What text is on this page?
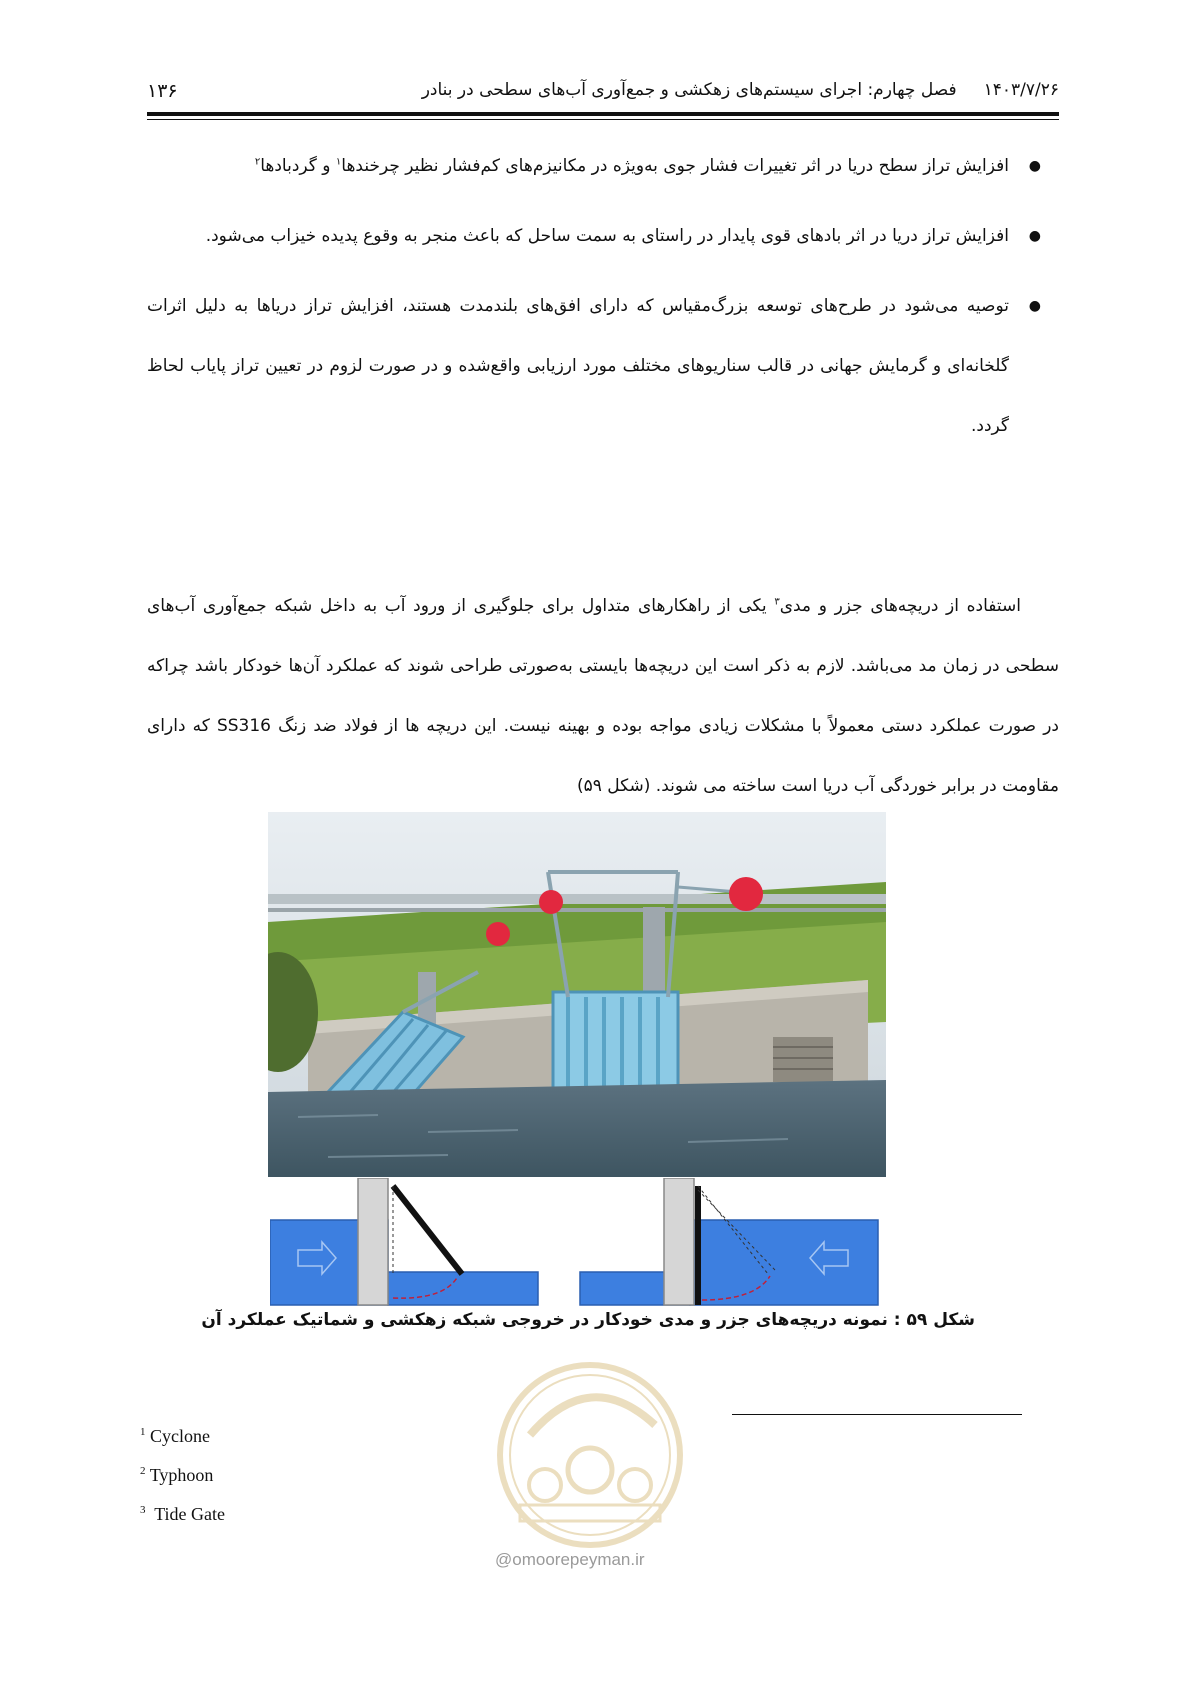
۱۳۶	۱۴۰۳/۷/۲۶     فصل چهارم: اجرای سیستم‌های زهکشی و جمع‌آوری آب‌های سطحی در بنادر
●
افزایش تراز سطح دریا در اثر تغییرات فشار جوی به‌ویژه در مکانیزم‌های کم‌فشار نظیر چرخندها$^۱$ و گردبادها$^۲$
●
افزایش تراز دریا در اثر بادهای قوی پایدار در راستای به سمت ساحل که باعث منجر به وقوع پدیده خیزاب می‌شود.
●
توصیه می‌شود در طرح‌های توسعه بزرگ‌مقیاس که دارای افق‌های بلندمدت هستند، افزایش تراز دریاها به دلیل اثرات گلخانه‌ای و گرمایش جهانی در قالب سناریوهای مختلف مورد ارزیابی واقع‌شده و در صورت لزوم در تعیین تراز پایاب لحاظ گردد.
استفاده از دریچه‌های جزر و مدی$^۳$ یکی از راهکارهای متداول برای جلوگیری از ورود آب به داخل شبکه جمع‌آوری آب‌های سطحی در زمان مد می‌باشد. لازم به ذکر است این دریچه‌ها بایستی به‌صورتی طراحی شوند که عملکرد آن‌ها خودکار باشد چراکه در صورت عملکرد دستی معمولاً با مشکلات زیادی مواجه بوده و بهینه نیست. این دریچه ها از فولاد ضد زنگ SS316 که دارای مقاومت در برابر خوردگی آب دریا است ساخته می شوند. (شکل ۵۹)
شکل ۵۹ : نمونه دریچه‌های جزر و مدی خودکار در خروجی شبکه زهکشی و شماتیک عملکرد آن
@omoorepeyman.ir
$^1$ Cyclone
$^2$ Typhoon
$^3$ Tide Gate
